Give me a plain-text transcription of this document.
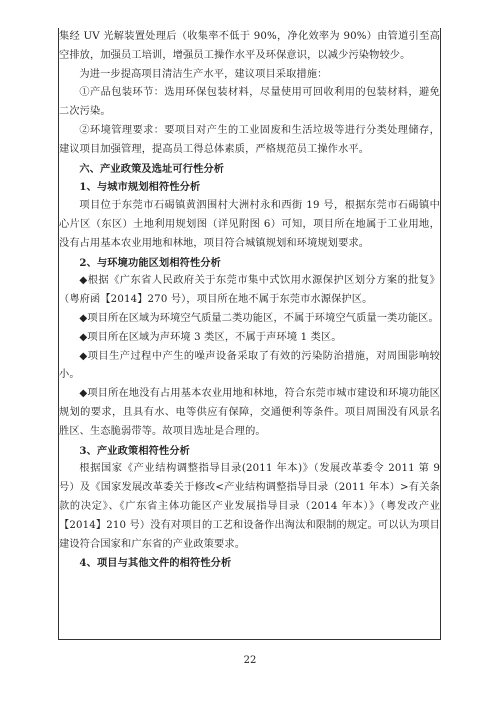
集经 UV 光解装置处理后（收集率不低于 90%，净化效率为 90%）由管道引至高空排放，加强员工培训，增强员工操作水平及环保意识，以减少污染物较少。

为进一步提高项目清洁生产水平，建议项目采取措施：

①产品包装环节：选用环保包装材料，尽量使用可回收利用的包装材料，避免二次污染。

②环境管理要求：要项目对产生的工业固废和生活垃圾等进行分类处理储存，建议项目加强管理，提高员工得总体素质，严格规范员工操作水平。

六、产业政策及选址可行性分析

1、与城市规划相符性分析

项目位于东莞市石碣镇黄泗围村大洲村永和西街 19 号，根据东莞市石碣镇中心片区（东区）土地利用规划图（详见附图 6）可知，项目所在地属于工业用地，没有占用基本农业用地和林地，项目符合城镇规划和环境规划要求。

2、与环境功能区划相符性分析

◆根据《广东省人民政府关于东莞市集中式饮用水源保护区划分方案的批复》（粤府函【2014】270 号），项目所在地不属于东莞市水源保护区。

◆项目所在区域为环境空气质量二类功能区，不属于环境空气质量一类功能区。

◆项目所在区域为声环境 3 类区，不属于声环境 1 类区。

◆项目生产过程中产生的噪声设备采取了有效的污染防治措施，对周围影响较小。

◆项目所在地没有占用基本农业用地和林地，符合东莞市城市建设和环境功能区规划的要求，且具有水、电等供应有保障，交通便利等条件。项目周围没有风景名胜区、生态脆弱带等。故项目选址是合理的。

3、产业政策相符性分析

根据国家《产业结构调整指导目录(2011 年本)》（发展改革委令 2011 第 9 号）及《国家发展改革委关于修改<产业结构调整指导目录（2011 年本）>有关条款的决定》、《广东省主体功能区产业发展指导目录（2014 年本）》（粤发改产业【2014】210 号）没有对项目的工艺和设备作出淘汰和限制的规定。可以认为项目建设符合国家和广东省的产业政策要求。

4、项目与其他文件的相符性分析

22
